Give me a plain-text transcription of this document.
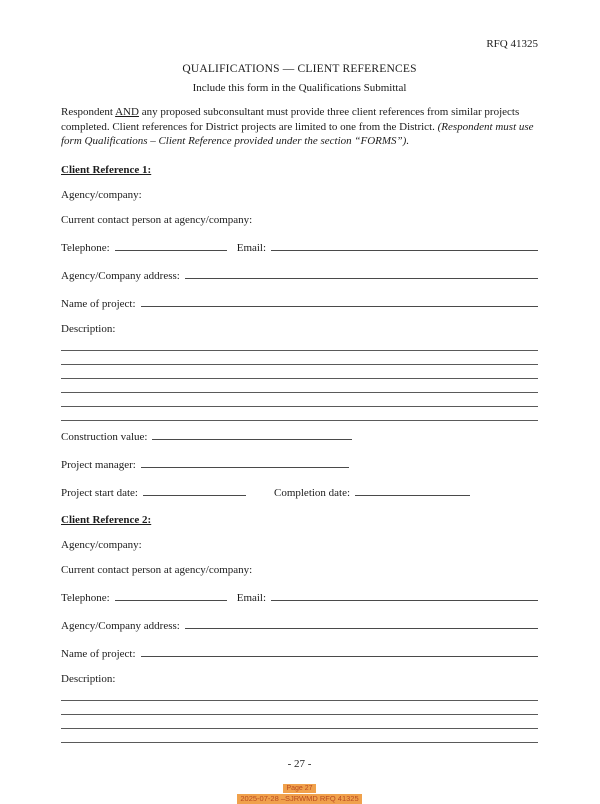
RFQ 41325
QUALIFICATIONS — CLIENT REFERENCES
Include this form in the Qualifications Submittal
Respondent AND any proposed subconsultant must provide three client references from similar projects completed. Client references for District projects are limited to one from the District. (Respondent must use form Qualifications – Client Reference provided under the section “FORMS”).
Client Reference 1:
Agency/company:
Current contact person at agency/company:
Telephone:	Email:
Agency/Company address:
Name of project:
Description:
Construction value:
Project manager:
Project start date:	Completion date:
Client Reference 2:
Agency/company:
Current contact person at agency/company:
Telephone:	Email:
Agency/Company address:
Name of project:
Description:
- 27 -
Page 27
2025-07-28 –SJRWMD RFQ 41325
